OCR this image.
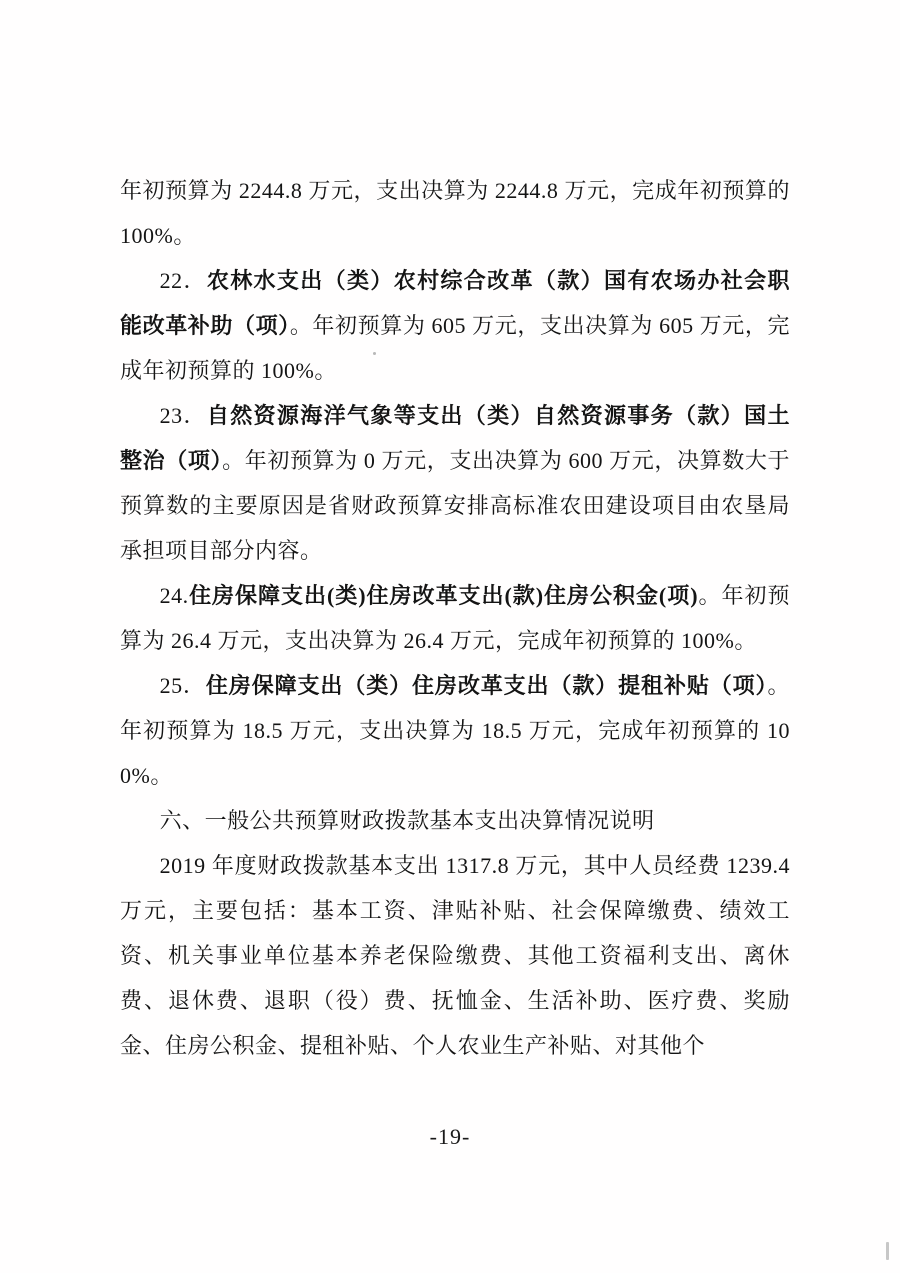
年初预算为 2244.8 万元，支出决算为 2244.8 万元，完成年初预算的 100%。

22．农林水支出（类）农村综合改革（款）国有农场办社会职能改革补助（项）。年初预算为 605 万元，支出决算为 605 万元，完成年初预算的 100%。

23．自然资源海洋气象等支出（类）自然资源事务（款）国土整治（项）。年初预算为 0 万元，支出决算为 600 万元，决算数大于预算数的主要原因是省财政预算安排高标准农田建设项目由农垦局承担项目部分内容。

24.住房保障支出(类)住房改革支出(款)住房公积金(项)。年初预算为 26.4 万元，支出决算为 26.4 万元，完成年初预算的 100%。

25．住房保障支出（类）住房改革支出（款）提租补贴（项）。年初预算为 18.5 万元，支出决算为 18.5 万元，完成年初预算的 100%。

六、一般公共预算财政拨款基本支出决算情况说明

2019 年度财政拨款基本支出 1317.8 万元，其中人员经费 1239.4 万元，主要包括：基本工资、津贴补贴、社会保障缴费、绩效工资、机关事业单位基本养老保险缴费、其他工资福利支出、离休费、退休费、退职（役）费、抚恤金、生活补助、医疗费、奖励金、住房公积金、提租补贴、个人农业生产补贴、对其他个

-19-
